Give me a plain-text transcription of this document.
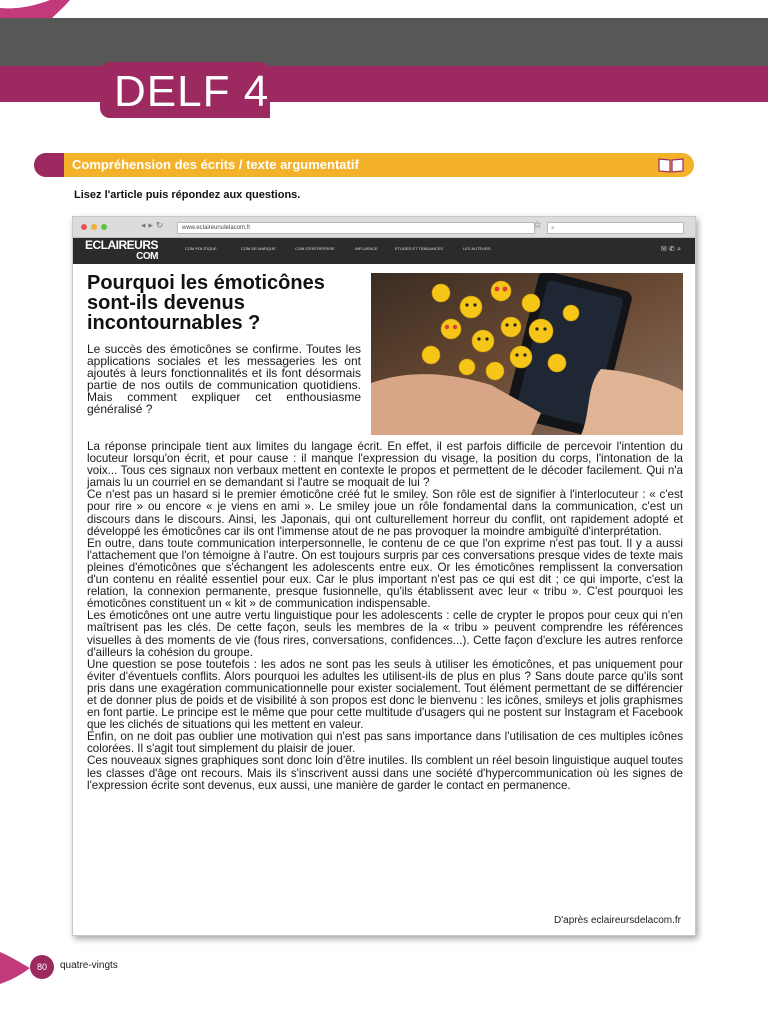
DELF 4
Compréhension des écrits / texte argumentatif
Lisez l'article puis répondez aux questions.
◂ ▸ ↻	www.eclaireursdelacom.fr	☆	⌕
ECLAIREURS
COM
COM POLITIQUE	COM DE MARQUE	COM D'ENTREPRISE	INFLUENCE	ETUDES ET TENDANCES	LES AUTEURS	✉ ✆ ⌕
Pourquoi les émoticônes sont-ils devenus incontournables ?

Le succès des émoticônes se confirme. Toutes les applications sociales et les messageries les ont ajoutés à leurs fonctionnalités et ils font désormais partie de nos outils de communication quotidiens. Mais comment expliquer cet enthousiasme généralisé ?

La réponse principale tient aux limites du langage écrit. En effet, il est parfois difficile de percevoir l'intention du locuteur lorsqu'on écrit, et pour cause : il manque l'expression du visage, la position du corps, l'intonation de la voix... Tous ces signaux non verbaux mettent en contexte le propos et permettent de le décoder facilement. Qui n'a jamais lu un courriel en se demandant si l'autre se moquait de lui ?

Ce n'est pas un hasard si le premier émoticône créé fut le smiley. Son rôle est de signifier à l'interlocuteur : « c'est pour rire » ou encore « je viens en ami ». Le smiley joue un rôle fondamental dans la communication, c'est un discours dans le discours. Ainsi, les Japonais, qui ont culturellement horreur du conflit, ont rapidement adopté et développé les émoticônes car ils ont l'immense atout de ne pas provoquer la moindre ambiguïté d'interprétation.

En outre, dans toute communication interpersonnelle, le contenu de ce que l'on exprime n'est pas tout. Il y a aussi l'attachement que l'on témoigne à l'autre. On est toujours surpris par ces conversations presque vides de texte mais pleines d'émoticônes que s'échangent les adolescents entre eux. Or les émoticônes remplissent la conversation d'un contenu en réalité essentiel pour eux. Car le plus important n'est pas ce qui est dit ; ce qui importe, c'est la relation, la connexion permanente, presque fusionnelle, qu'ils établissent avec leur « tribu ». C'est pourquoi les émoticônes constituent un « kit » de communication indispensable.

Les émoticônes ont une autre vertu linguistique pour les adolescents : celle de crypter le propos pour ceux qui n'en maîtrisent pas les clés. De cette façon, seuls les membres de la « tribu » peuvent comprendre les références visuelles à des moments de vie (fous rires, conversations, confidences...). Cette façon d'exclure les autres renforce d'ailleurs la cohésion du groupe.

Une question se pose toutefois : les ados ne sont pas les seuls à utiliser les émoticônes, et pas uniquement pour éviter d'éventuels conflits. Alors pourquoi les adultes les utilisent-ils de plus en plus ? Sans doute parce qu'ils sont pris dans une exagération communicationnelle pour exister socialement. Tout élément permettant de se différencier et de donner plus de poids et de visibilité à son propos est donc le bienvenu : les icônes, smileys et jolis graphismes en font partie. Le principe est le même que pour cette multitude d'usagers qui ne postent sur Instagram et Facebook que les clichés de situations qui les mettent en valeur.

Enfin, on ne doit pas oublier une motivation qui n'est pas sans importance dans l'utilisation de ces multiples icônes colorées. Il s'agit tout simplement du plaisir de jouer.

Ces nouveaux signes graphiques sont donc loin d'être inutiles. Ils comblent un réel besoin linguistique auquel toutes les classes d'âge ont recours. Mais ils s'inscrivent aussi dans une société d'hypercommunication où les signes de l'expression écrite sont devenus, eux aussi, une manière de garder le contact en permanence.

D'après eclaireursdelacom.fr
80	quatre-vingts
